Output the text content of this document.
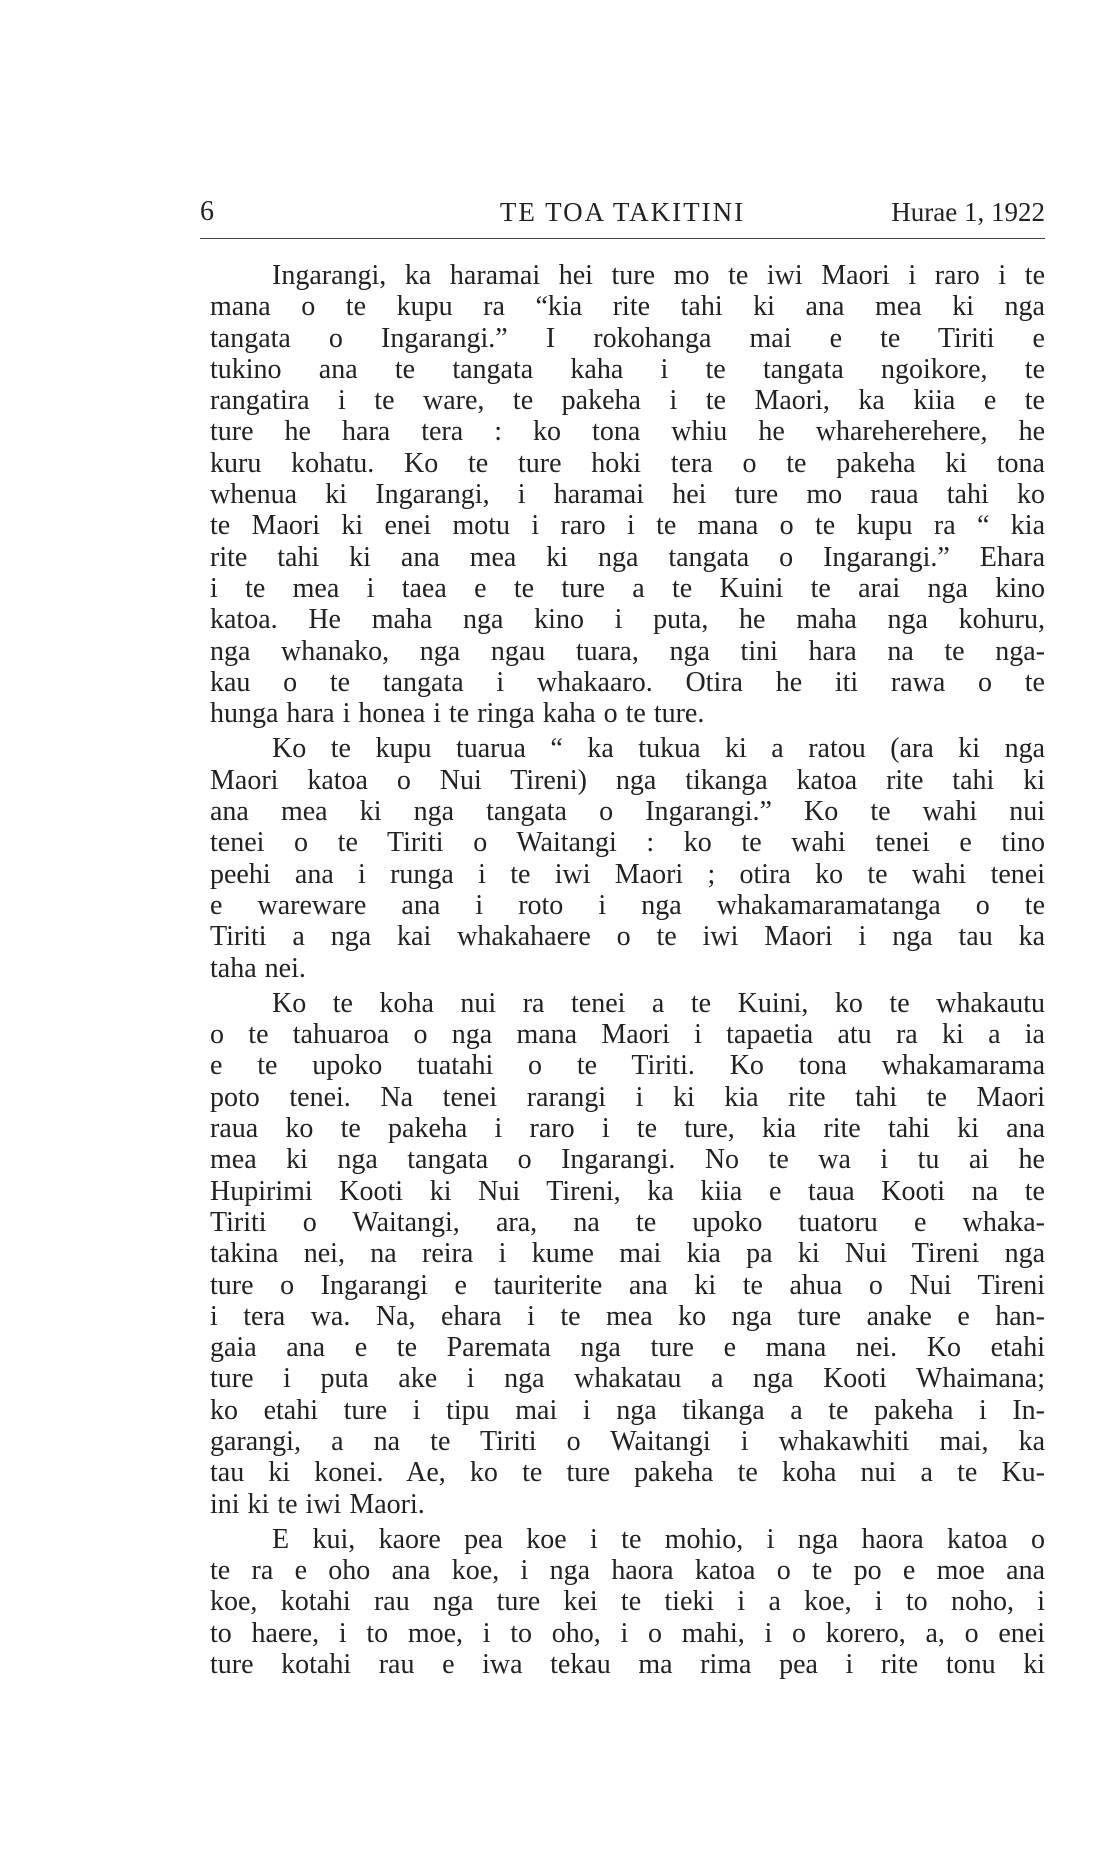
6	TE TOA TAKITINI	Hurae 1, 1922

Ingarangi, ka haramai hei ture mo te iwi Maori i raro i te
mana o te kupu ra “kia rite tahi ki ana mea ki nga
tangata o Ingarangi.” I rokohanga mai e te Tiriti e
tukino ana te tangata kaha i te tangata ngoikore, te
rangatira i te ware, te pakeha i te Maori, ka kiia e te
ture he hara tera : ko tona whiu he whareherehere, he
kuru kohatu. Ko te ture hoki tera o te pakeha ki tona
whenua ki Ingarangi, i haramai hei ture mo raua tahi ko
te Maori ki enei motu i raro i te mana o te kupu ra “ kia
rite tahi ki ana mea ki nga tangata o Ingarangi.” Ehara
i te mea i taea e te ture a te Kuini te arai nga kino
katoa. He maha nga kino i puta, he maha nga kohuru,
nga whanako, nga ngau tuara, nga tini hara na te nga-
kau o te tangata i whakaaro. Otira he iti rawa o te
hunga hara i honea i te ringa kaha o te ture.

Ko te kupu tuarua “ ka tukua ki a ratou (ara ki nga
Maori katoa o Nui Tireni) nga tikanga katoa rite tahi ki
ana mea ki nga tangata o Ingarangi.” Ko te wahi nui
tenei o te Tiriti o Waitangi : ko te wahi tenei e tino
peehi ana i runga i te iwi Maori ; otira ko te wahi tenei
e wareware ana i roto i nga whakamaramatanga o te
Tiriti a nga kai whakahaere o te iwi Maori i nga tau ka
taha nei.

Ko te koha nui ra tenei a te Kuini, ko te whakautu
o te tahuaroa o nga mana Maori i tapaetia atu ra ki a ia
e te upoko tuatahi o te Tiriti. Ko tona whakamarama
poto tenei. Na tenei rarangi i ki kia rite tahi te Maori
raua ko te pakeha i raro i te ture, kia rite tahi ki ana
mea ki nga tangata o Ingarangi. No te wa i tu ai he
Hupirimi Kooti ki Nui Tireni, ka kiia e taua Kooti na te
Tiriti o Waitangi, ara, na te upoko tuatoru e whaka-
takina nei, na reira i kume mai kia pa ki Nui Tireni nga
ture o Ingarangi e tauriterite ana ki te ahua o Nui Tireni
i tera wa. Na, ehara i te mea ko nga ture anake e han-
gaia ana e te Paremata nga ture e mana nei. Ko etahi
ture i puta ake i nga whakatau a nga Kooti Whaimana;
ko etahi ture i tipu mai i nga tikanga a te pakeha i In-
garangi, a na te Tiriti o Waitangi i whakawhiti mai, ka
tau ki konei. Ae, ko te ture pakeha te koha nui a te Ku-
ini ki te iwi Maori.

E kui, kaore pea koe i te mohio, i nga haora katoa o
te ra e oho ana koe, i nga haora katoa o te po e moe ana
koe, kotahi rau nga ture kei te tieki i a koe, i to noho, i
to haere, i to moe, i to oho, i o mahi, i o korero, a, o enei
ture kotahi rau e iwa tekau ma rima pea i rite tonu ki
